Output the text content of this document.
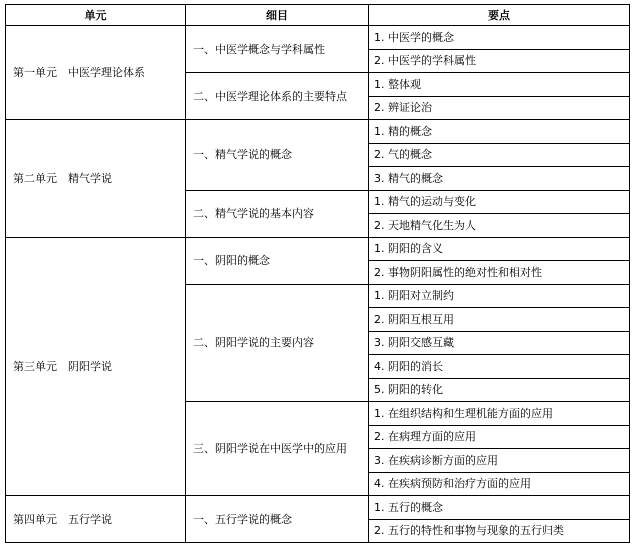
单元	细目	要点
第一单元　中医学理论体系	一、中医学概念与学科属性	1. 中医学的概念
		2. 中医学的学科属性
	二、中医学理论体系的主要特点	1. 整体观
		2. 辨证论治
第二单元　精气学说	一、精气学说的概念	1. 精的概念
		2. 气的概念
		3. 精气的概念
	二、精气学说的基本内容	1. 精气的运动与变化
		2. 天地精气化生为人
第三单元　阴阳学说	一、阴阳的概念	1. 阴阳的含义
		2. 事物阴阳属性的绝对性和相对性
	二、阴阳学说的主要内容	1. 阴阳对立制约
		2. 阴阳互根互用
		3. 阴阳交感互藏
		4. 阴阳的消长
		5. 阴阳的转化
	三、阴阳学说在中医学中的应用	1. 在组织结构和生理机能方面的应用
		2. 在病理方面的应用
		3. 在疾病诊断方面的应用
		4. 在疾病预防和治疗方面的应用
第四单元　五行学说	一、五行学说的概念	1. 五行的概念
		2. 五行的特性和事物与现象的五行归类
